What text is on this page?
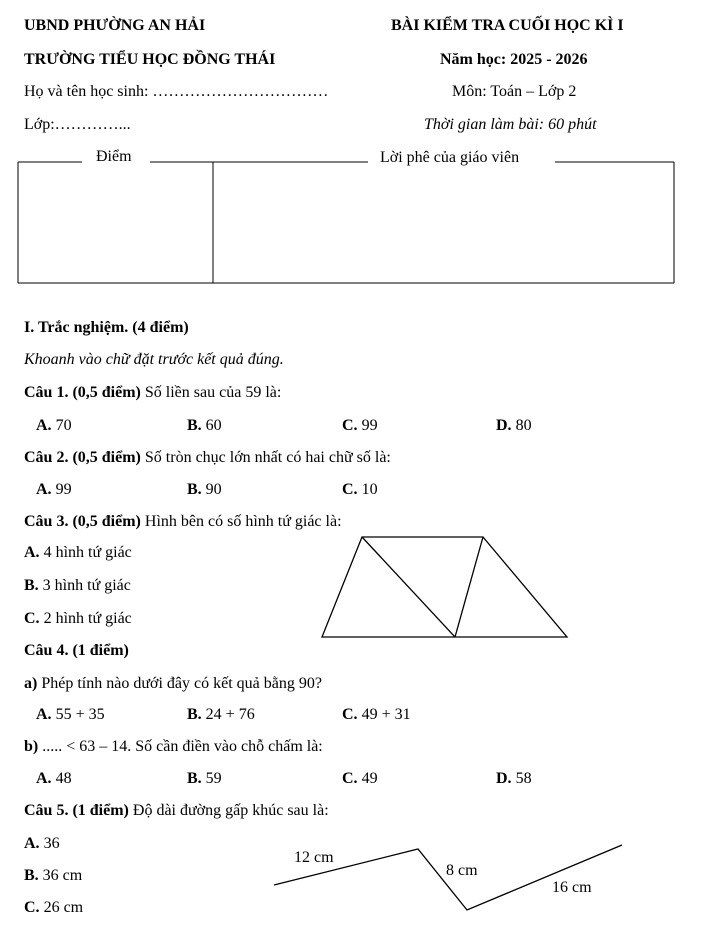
UBND PHƯỜNG AN HẢI
TRƯỜNG TIỂU HỌC ĐỒNG THÁI
Họ và tên học sinh: ……………………………
Lớp:…………...
BÀI KIỂM TRA CUỐI HỌC KÌ I
Năm học: 2025 - 2026
Môn: Toán – Lớp 2
Thời gian làm bài: 60 phút
Điểm	Lời phê của giáo viên
I. Trắc nghiệm. (4 điểm)
Khoanh vào chữ đặt trước kết quả đúng.
Câu 1. (0,5 điểm) Số liền sau của 59 là:
A. 70	B. 60	C. 99	D. 80
Câu 2. (0,5 điểm) Số tròn chục lớn nhất có hai chữ số là:
A. 99	B. 90	C. 10
Câu 3. (0,5 điểm) Hình bên có số hình tứ giác là:
A. 4 hình tứ giác
B. 3 hình tứ giác
C. 2 hình tứ giác
Câu 4. (1 điểm)
a) Phép tính nào dưới đây có kết quả bằng 90?
A. 55 + 35	B. 24 + 76	C. 49 + 31
b) ..... < 63 – 14. Số cần điền vào chỗ chấm là:
A. 48	B. 59	C. 49	D. 58
Câu 5. (1 điểm) Độ dài đường gấp khúc sau là:
A. 36
B. 36 cm
C. 26 cm
12 cm
8 cm
16 cm
